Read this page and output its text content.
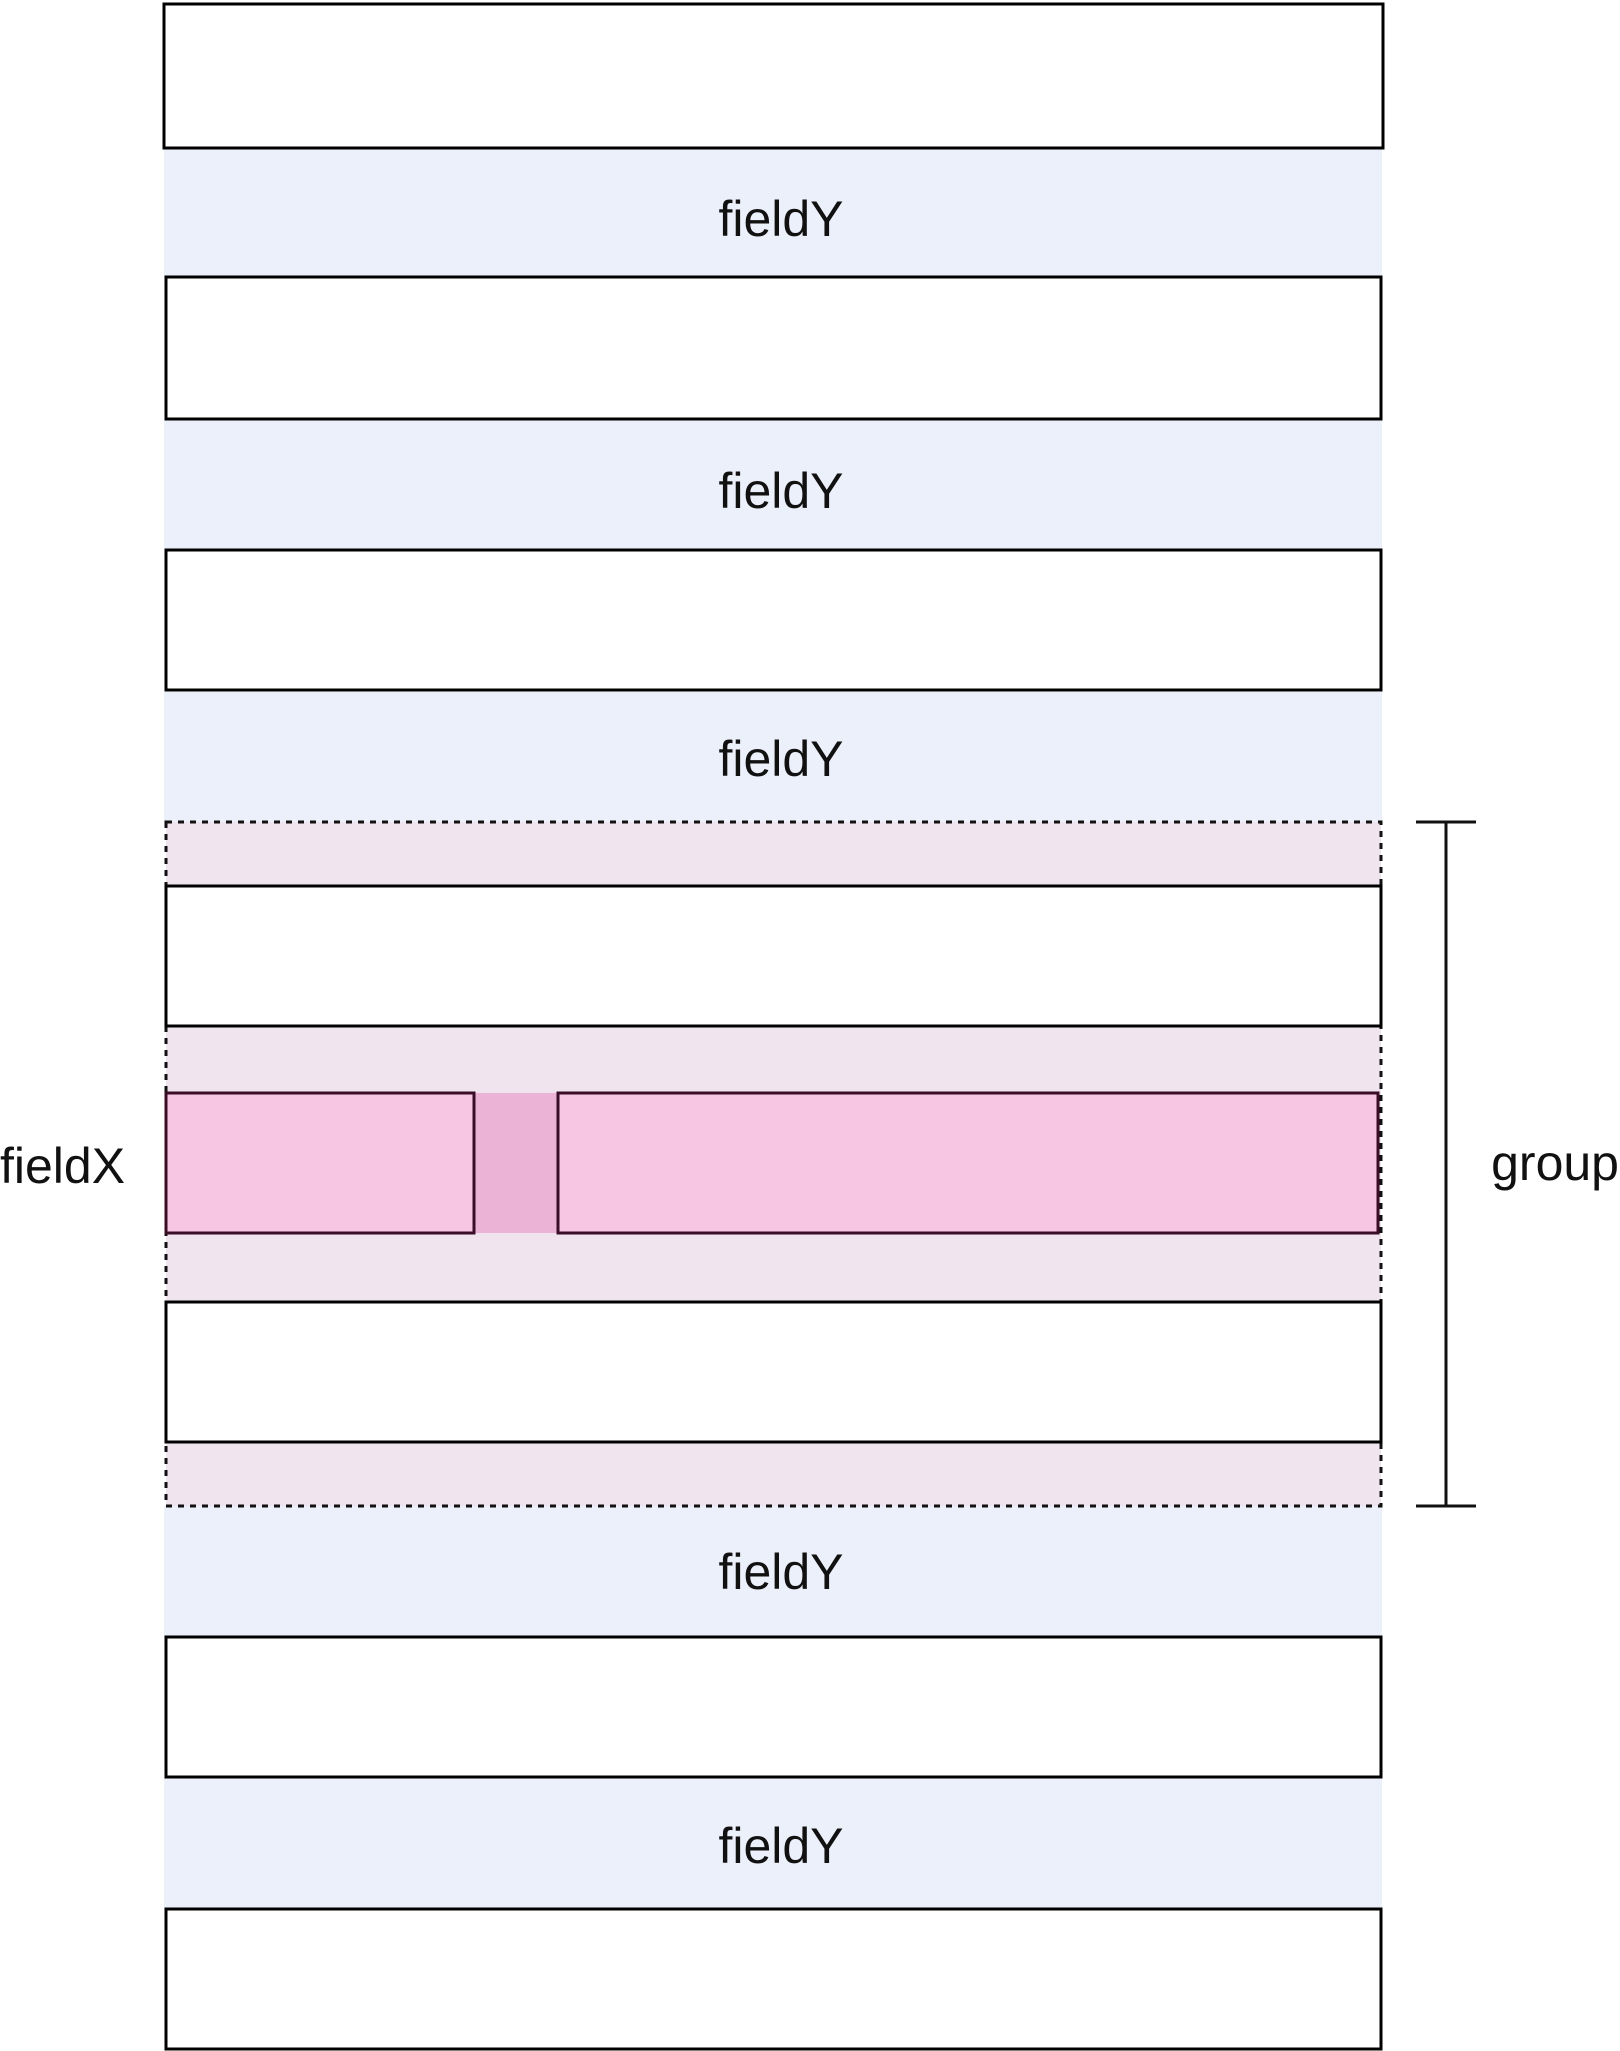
fieldY
fieldY
fieldY
fieldY
fieldY
fieldX	group
